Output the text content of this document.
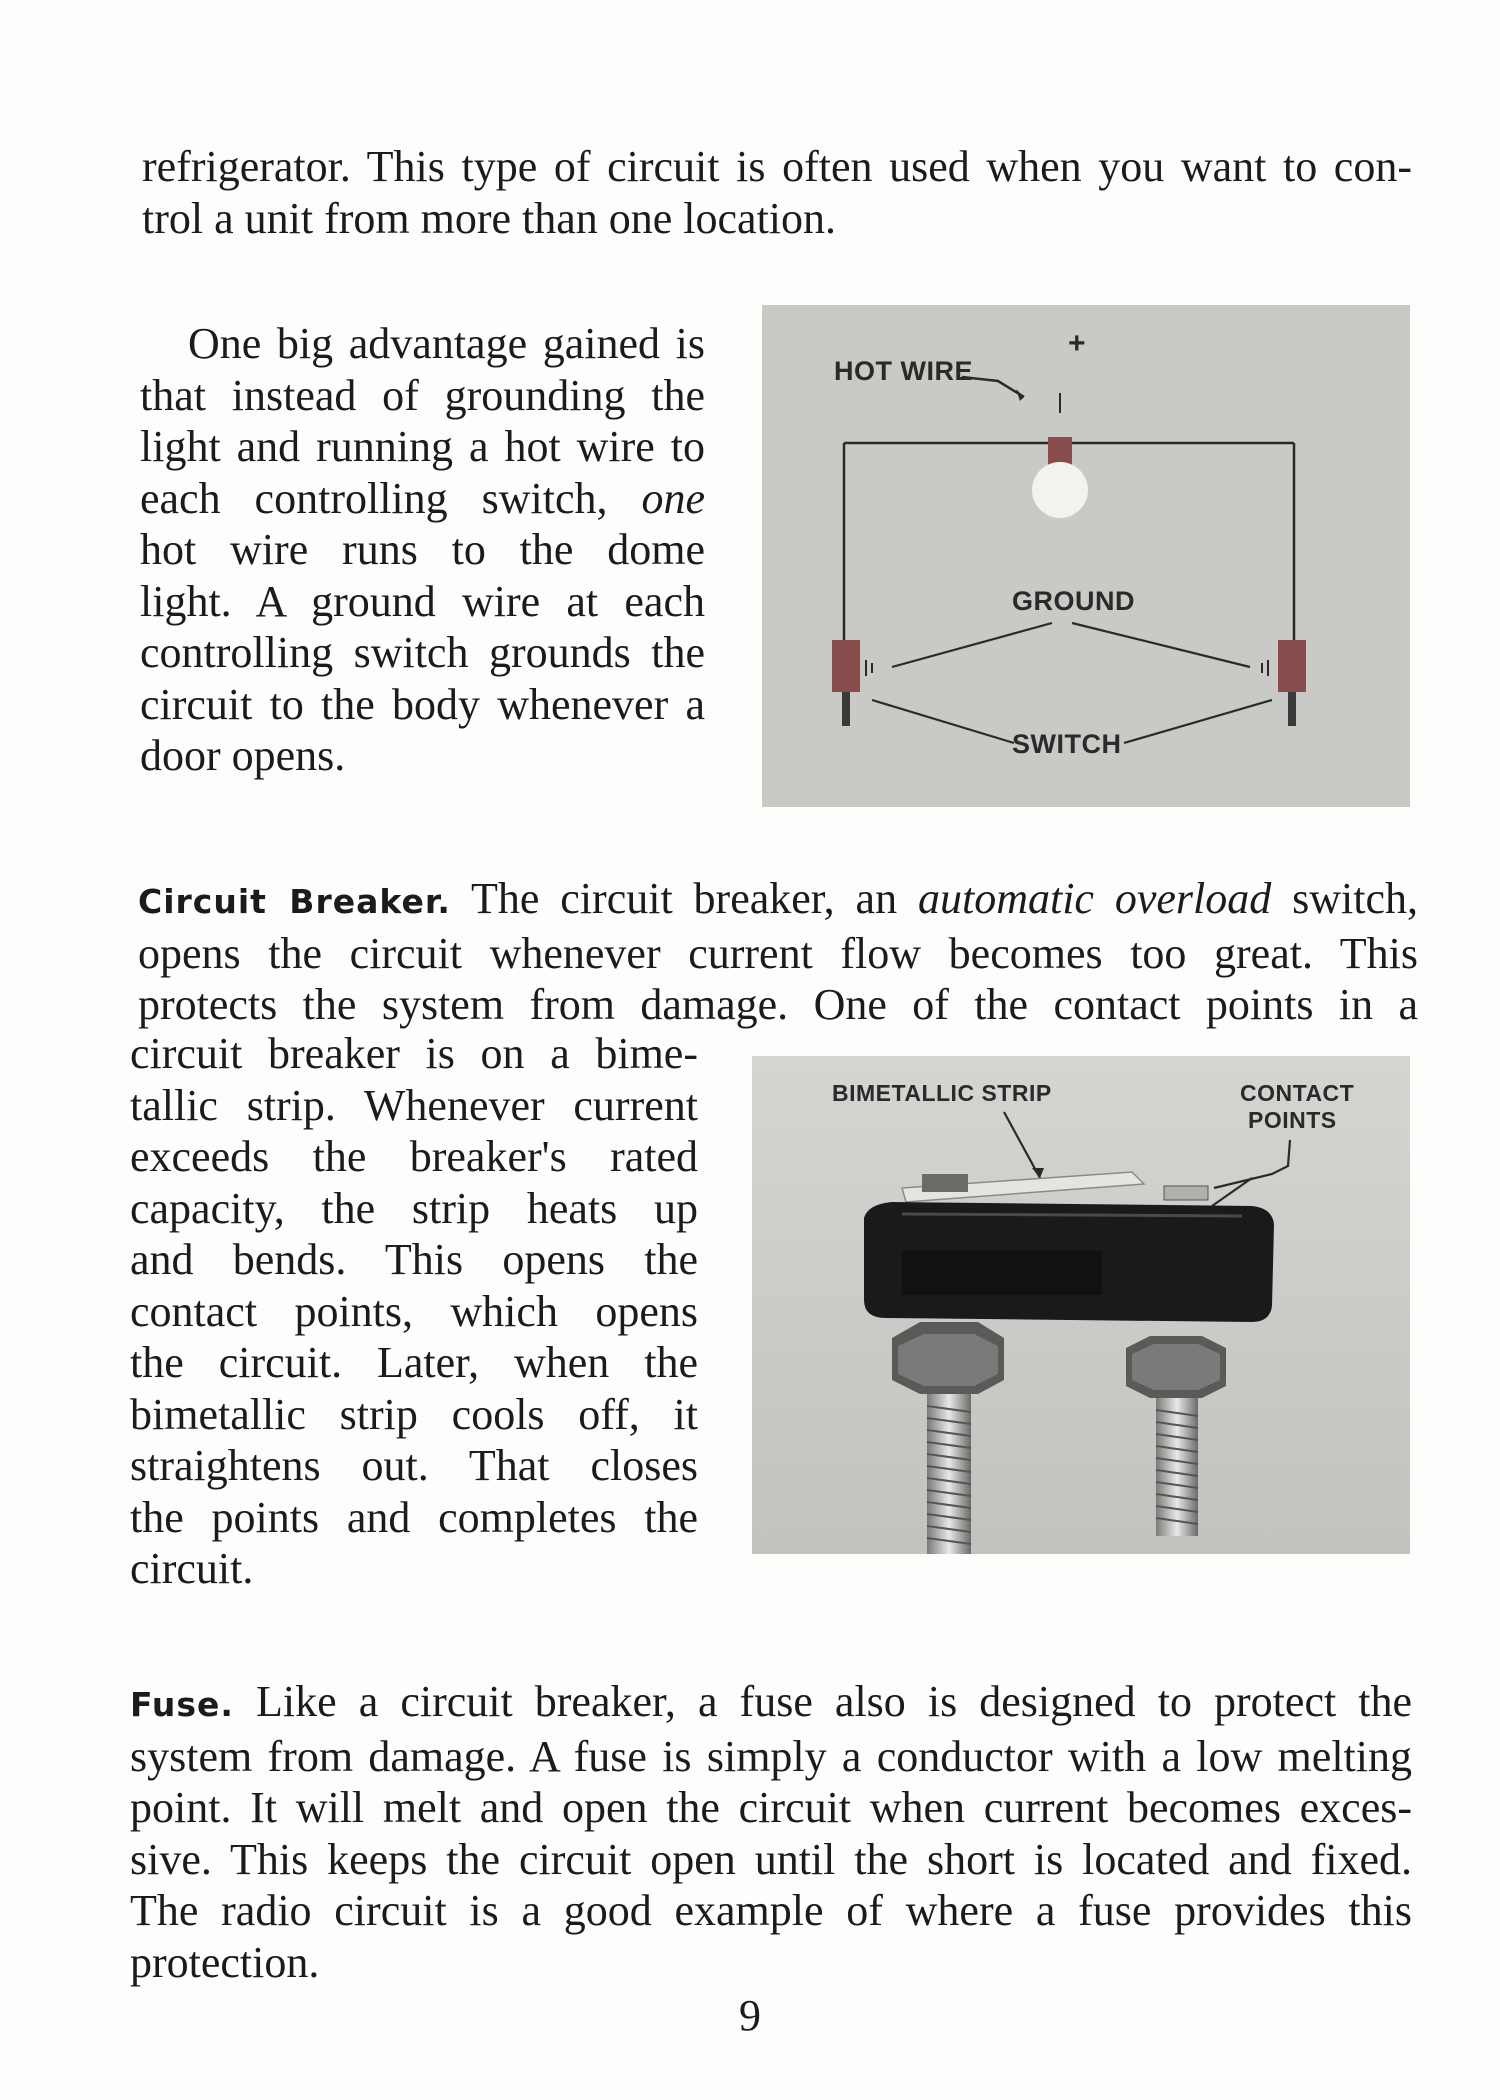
refrigerator. This type of circuit is often used when you want to con-
trol a unit from more than one location.
One big advantage gained is
that instead of grounding the
light and running a hot wire to
each controlling switch, one
hot wire runs to the dome
light. A ground wire at each
controlling switch grounds the
circuit to the body whenever a
door opens.
+
HOT WIRE
GROUND
SWITCH
Circuit Breaker. The circuit breaker, an automatic overload switch,
opens the circuit whenever current flow becomes too great. This
protects the system from damage. One of the contact points in a
circuit breaker is on a bime-
tallic strip. Whenever current
exceeds the breaker's rated
capacity, the strip heats up
and bends. This opens the
contact points, which opens
the circuit. Later, when the
bimetallic strip cools off, it
straightens out. That closes
the points and completes the
circuit.
BIMETALLIC STRIP	CONTACT
POINTS
Fuse. Like a circuit breaker, a fuse also is designed to protect the
system from damage. A fuse is simply a conductor with a low melting
point. It will melt and open the circuit when current becomes exces-
sive. This keeps the circuit open until the short is located and fixed.
The radio circuit is a good example of where a fuse provides this
protection.
9
